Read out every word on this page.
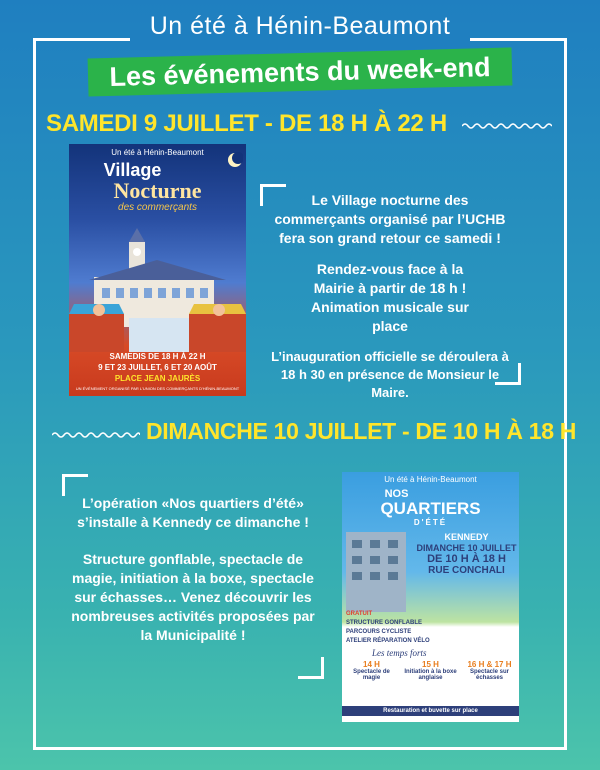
Un été à Hénin-Beaumont
Les événements du week-end
SAMEDI 9 JUILLET - DE 18 H À 22 H
Un été à Hénin-Beaumont
Village
Nocturne
des commerçants
SAMEDIS DE 18 H À 22 H
9 ET 23 JUILLET, 6 ET 20 AOÛT
PLACE JEAN JAURÈS
UN ÉVÉNEMENT ORGANISÉ PAR L'UNION DES COMMERÇANTS D'HÉNIN-BEAUMONT

Le Village nocturne des commerçants organisé par l’UCHB fera son grand retour ce samedi !

Rendez-vous face à la Mairie à partir de 18 h ! Animation musicale sur place

L’inauguration officielle se déroulera à 18 h 30 en présence de Monsieur le Maire.

DIMANCHE 10 JUILLET - DE 10 H À 18 H

L’opération «Nos quartiers d’été» s’installe à Kennedy ce dimanche !

Structure gonflable, spectacle de magie, initiation à la boxe, spectacle sur échasses… Venez découvrir les nombreuses activités proposées par la Municipalité !

Un été à Hénin-Beaumont
NOS
QUARTIERS
D'ÉTÉ
KENNEDY
DIMANCHE 10 JUILLET
DE 10 H À 18 H
RUE CONCHALI
GRATUIT
STRUCTURE GONFLABLE
PARCOURS CYCLISTE
ATELIER RÉPARATION VÉLO
Les temps forts
14 H
Spectacle de magie
15 H
Initiation à la boxe anglaise
16 H & 17 H
Spectacle sur échasses
Restauration et buvette sur place
